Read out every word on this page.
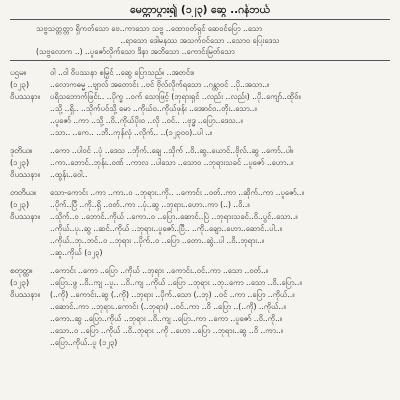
မေတ္တာပွား၍ (၁၂၃) ဆွေ ..ဂန်ဘယ်
သဗ္ဗသတ္တတ္တာ ရှိကတ်သော ဗေ..ကာသော သဗ္ဗ ..ထောဝတ်ရှင် ဆေဝင်ပြော ..သော
..ရာသော ဒေါမနဿ အသက်ဝင်သော ..သောဝ ပြေးဒေသ
(သဗ္ဗလောက ..) ..ပူဇော်လိုက်သော ဒိနာ အဘိသော ..ကောင်းမြတ်သော
ပဌမ။
(၁၂၃)
ဝိပဿနာ။
ဝါ ..ဝါ ဝိပဿနာ စမြှင် ..ဆွေ ပြောသည်။ ..အတင်း။
..လောကဓမ္မ ..ဗျာလ် အတောင်း ..ဗင် ဗိုလ်လိုက်ရသော ..ဂန္ထာဝင် ..ပို..အသာ..။
ပရိသဘောက်ဖြင်း.. ..ပိုက္ခ ..ဝက် သောဖြင့် (ဘုရားရှင် ..လည်း ..လည်း) ..ပို..ကျော်..ထိုဝ်။
..သို့ ..ရှိ.. ..သိုက်ပဝ်သို့ မော ..ကိုယ်ဝ..ကိုယ်ဖုန်း ..အောင်ဝ..တိုး..သော..။
..ပူဇော် ..ကာ ..သို့ ..ဝိ..ကိုယ်ပိုးဝ ..လို ..ဝင်.. ..ဗုဒ္ဓ ..ပြော..ဒေသ..။
..သာ.. ..ကေ.. ..ဘိ..ကုန်လုံ ..လိုက်.. ..(၁၂၃၀၀)..ပါ ..။
ဒုတိယ။
(၁၂၃)
ဝိပဿနာ။
..ကော ..ပါဝင် ..ပုံ ..ဒေသ ..ဘိုက်..ချေ ..သိုက် ..ဝိ..ဆွ..ယောင်..ဗိုလ်..ဆွ ..ကော်..ပါ။
..ကာ..ဘောင်..ဘုန်း..ဝဏ် ..ကာလ ..ပါသော ..သောဝ ..ဘုရားသခင် ..ပူဇော် ..ဟော..။
..ထွန်း..ဝေါ..
တတိယ။
(၁၂၃)
ဝိပဿနာ။
သော-ကောင်း ..ကာ ..ကာ..ဝ ..ဘုရား..ကို.. ..ကောင်း ..ဝတ်..ကာ ..ဆိုက်..ကာ ..ပူဇော်..။
..ပိုက်..ပြီ ..ကို..ရှိ ..ဝတ်..ကာ ..ပုံ..ဆွ ..ဘုရား..ဟော..ကာ (..) ..ဝိ..။
..သိုက်..ဝ ..ဘောင်..ကိုယ် ..ကော..ဝ ..ပြော..ဆောင်..ပြဲ ..ဘုရားသခင်..ဝိ..ပွင်..သော..။
..ကိုယ်..ပု..ဆွ ..ဆင်..ကိုယ် ..ဘုရား..ပူဇော်..ပြီ.. ..ကို..ချော..ဟော..ဆောင်..ပါ..။
..ကိုယ်..ဘု..ဘင်..ဝ ..ဘုရား ..ပိုက်..ဝ ..ပြော ..တော..ဆွဲ..ပါ ..ဝိ..ဘုရား..။
..ဆူ..ကိုယ် (၁၂၃)
စတုတ္ထ။
(၁၂၃)
ဝိပဿနာ။
..ကောင်း ..ကော ..ပြော ..ကိုယ် ..ဘုရား ..ကောင်း..ဝင်..ကာ ..သော ..ဝတ်..။
..ပြော..ဖွ ..ဝိ..ကျ ..ပူ.. ..ဝိ..ကျ ..ကိုယ် ..ပြော ..ဘုရား ..ဘု..ကော ..သော ..ဝိ..ပြော..။
(..ကို) ..ကောင်း..ဆွ (..ကို) ..ဘုရား ..ပိုက်..သော (..ဘု) ..ဝင် ..ကာ ..ပြော ..ကိုယ်..။
..ဆောင်..ကာ ..ဘုရား..ကောင်း (..ဘုရား) ..ဝင်..ကာ ..ဝိ ..ပြော ..(..ကို) ..ကိုယ်..။
..ကော..ဆွ ..ပြော..ကိုယ် ..ဘုရား ..ဝိ..ကျ ..ပြော..ကာ ..ကော ..ပူဇော် ..ဝိ..ကို..။
..သော..ဝ ..ပြော ..ကိုယ် ..ဝိ..ဘုရား ..ကို ..ဟော ..ပြော ..ဘုရား..ဆွ ..ဝိ ..ကာ..။
..ပြော..ကိုယ်..ပူ (၁၂၃)
